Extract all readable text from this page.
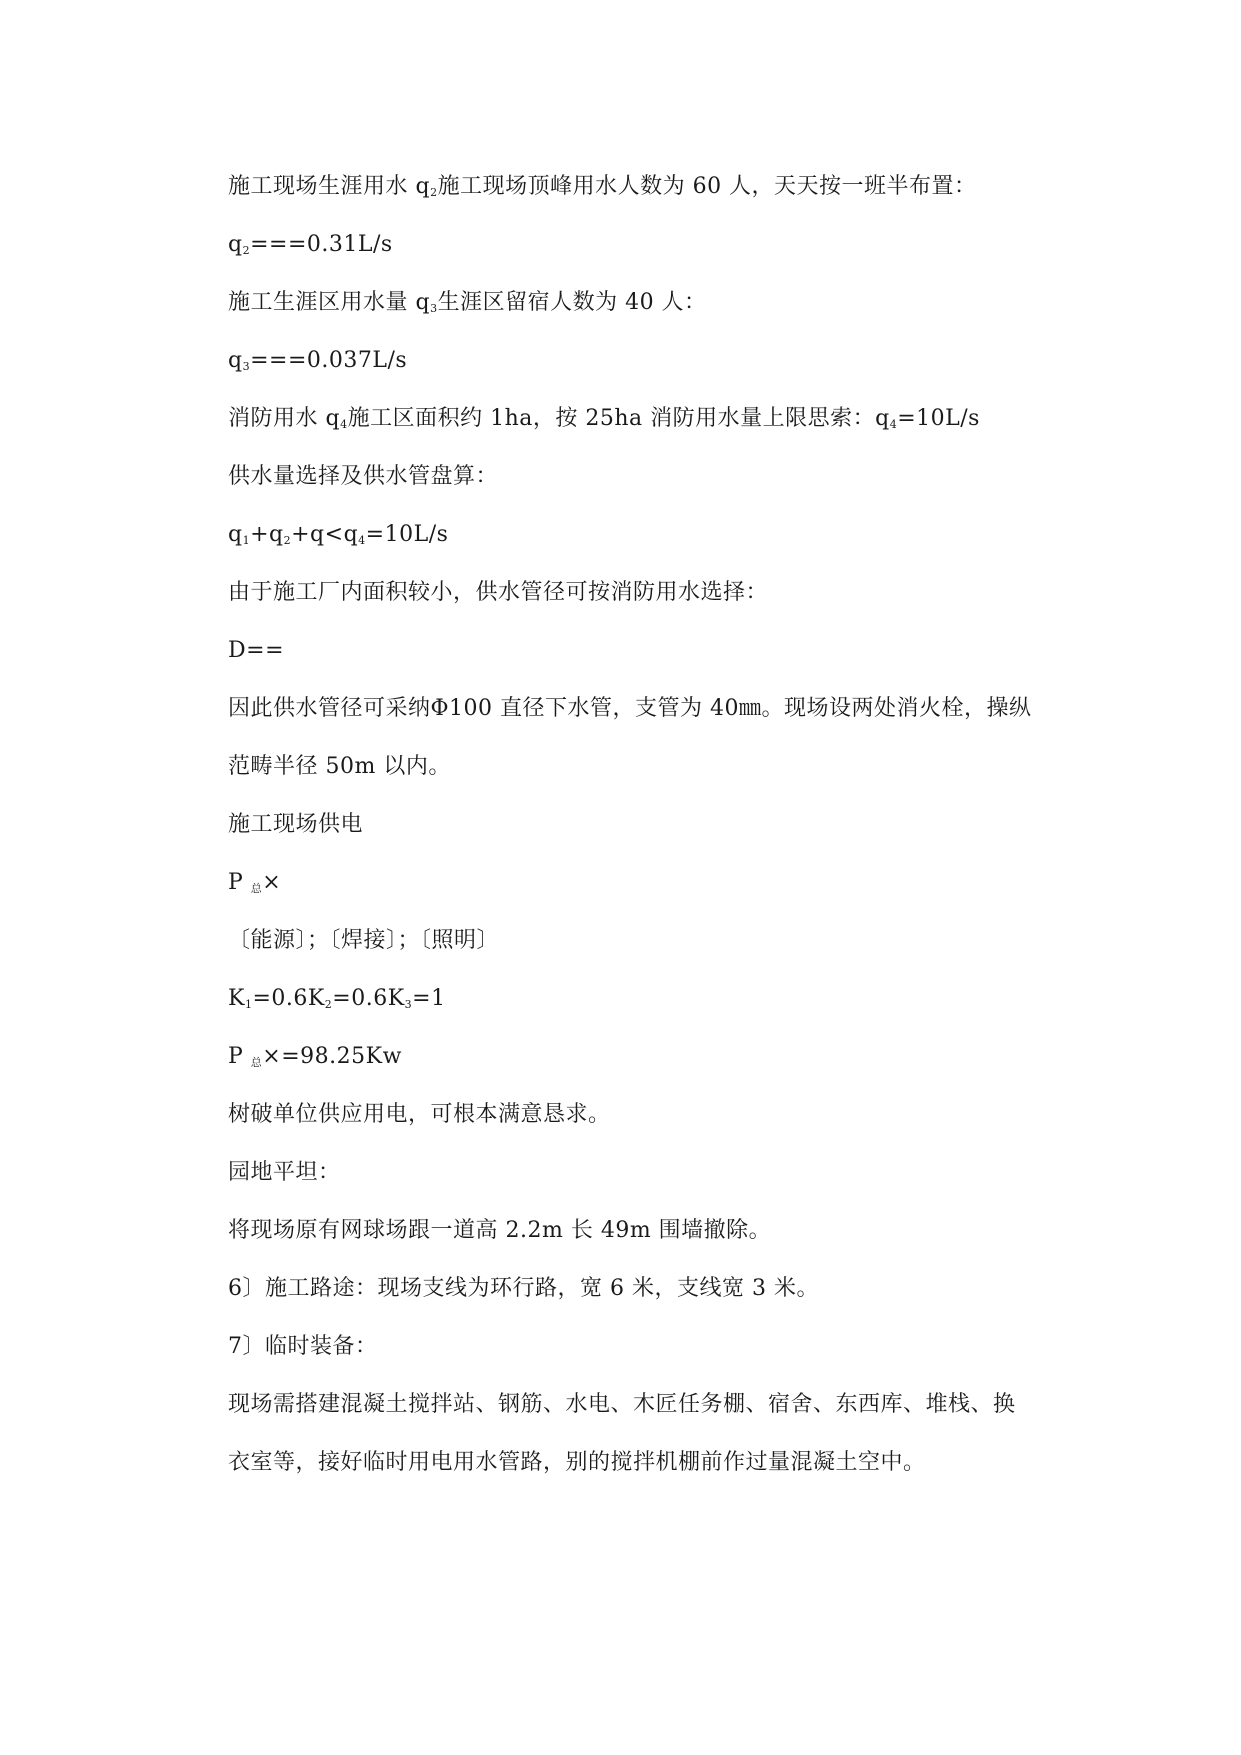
施工现场生涯用水 $q_2$施工现场顶峰用水人数为 60 人，天天按一班半布置：
$q_2===0.31L/s$
施工生涯区用水量 $q_3$生涯区留宿人数为 40 人：
$q_3===0.037L/s$
消防用水 $q_4$施工区面积约 1ha，按 25ha 消防用水量上限思索：$q_4=10L/s$
供水量选择及供水管盘算：
$q_1+q_2+q<q_4=10L/s$
由于施工厂内面积较小，供水管径可按消防用水选择：
D==
因此供水管径可采纳Φ100 直径下水管，支管为 40㎜。现场设两处消火栓，操纵
范畴半径 50m 以内。
施工现场供电
P $_总$×
〔能源〕；〔焊接〕；〔照明〕
$K_1=0.6K_2=0.6K_3=1$
P $_总$×=98.25Kw
树破单位供应用电，可根本满意恳求。
园地平坦：
将现场原有网球场跟一道高 2.2m 长 49m 围墙撤除。
6〕施工路途：现场支线为环行路，宽 6 米，支线宽 3 米。
7〕临时装备：
现场需搭建混凝土搅拌站、钢筋、水电、木匠任务棚、宿舍、东西库、堆栈、换
衣室等，接好临时用电用水管路，别的搅拌机棚前作过量混凝土空中。
